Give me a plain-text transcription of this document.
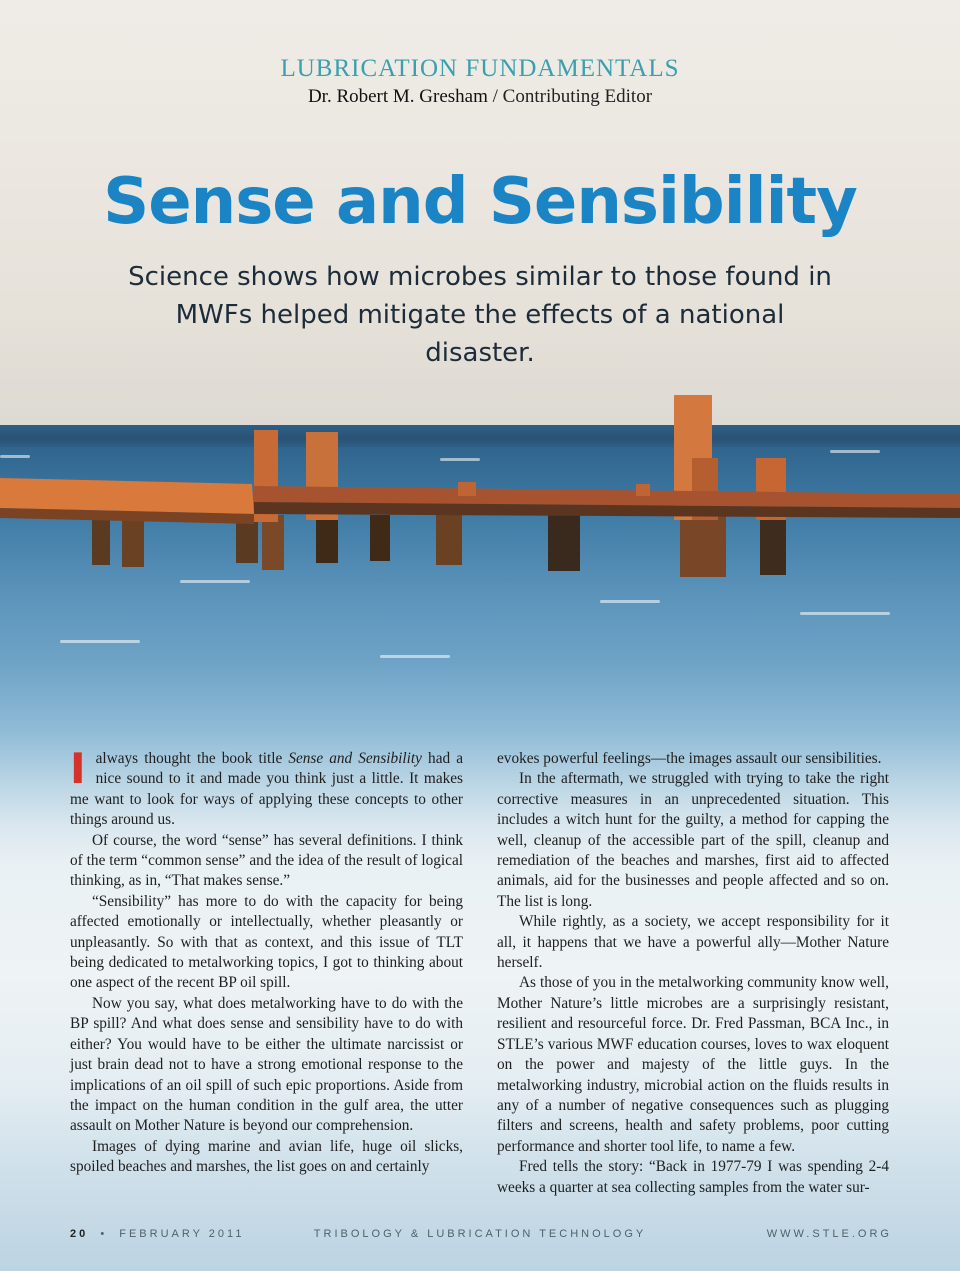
LUBRICATION FUNDAMENTALS
Dr. Robert M. Gresham / Contributing Editor
Sense and Sensibility
Science shows how microbes similar to those found in MWFs helped mitigate the effects of a national disaster.

Ialways thought the book title Sense and Sensibility had a nice sound to it and made you think just a little. It makes me want to look for ways of applying these concepts to other things around us.

Of course, the word “sense” has several definitions. I think of the term “common sense” and the idea of the result of logical thinking, as in, “That makes sense.”

“Sensibility” has more to do with the capacity for being affected emotionally or intellectually, whether pleasantly or unpleasantly. So with that as context, and this issue of TLT being dedicated to metalworking topics, I got to thinking about one aspect of the recent BP oil spill.

Now you say, what does metalworking have to do with the BP spill? And what does sense and sensibility have to do with either? You would have to be either the ultimate narcissist or just brain dead not to have a strong emotional response to the implications of an oil spill of such epic proportions. Aside from the impact on the human condition in the gulf area, the utter assault on Mother Nature is beyond our comprehension.

Images of dying marine and avian life, huge oil slicks, spoiled beaches and marshes, the list goes on and certainly

evokes powerful feelings—the images assault our sensibilities.

In the aftermath, we struggled with trying to take the right corrective measures in an unprecedented situation. This includes a witch hunt for the guilty, a method for capping the well, cleanup of the accessible part of the spill, cleanup and remediation of the beaches and marshes, first aid to affected animals, aid for the businesses and people affected and so on. The list is long.

While rightly, as a society, we accept responsibility for it all, it happens that we have a powerful ally—Mother Nature herself.

As those of you in the metalworking community know well, Mother Nature’s little microbes are a surprisingly resistant, resilient and resourceful force. Dr. Fred Passman, BCA Inc., in STLE’s various MWF education courses, loves to wax eloquent on the power and majesty of the little guys. In the metalworking industry, microbial action on the fluids results in any of a number of negative consequences such as plugging filters and screens, health and safety problems, poor cutting performance and shorter tool life, to name a few.

Fred tells the story: “Back in 1977-79 I was spending 2-4 weeks a quarter at sea collecting samples from the water sur-

20 • FEBRUARY 2011	TRIBOLOGY & LUBRICATION TECHNOLOGY	WWW.STLE.ORG
